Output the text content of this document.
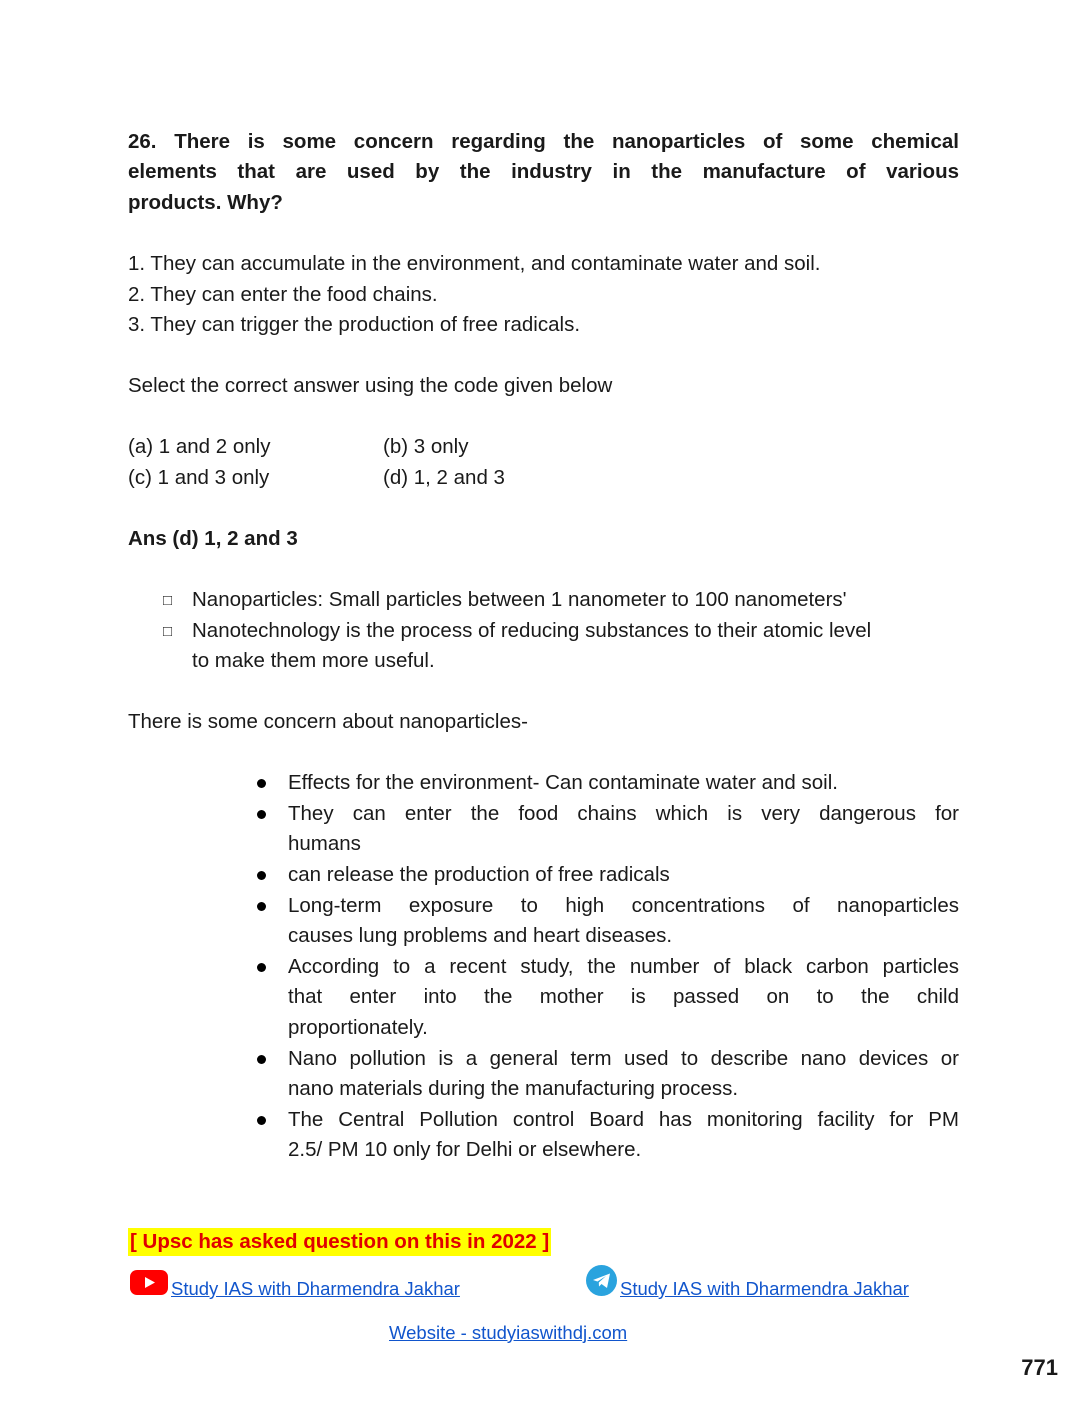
26. There is some concern regarding the nanoparticles of some chemical
elements that are used by the industry in the manufacture of various
products. Why?
1. They can accumulate in the environment, and contaminate water and soil.
2. They can enter the food chains.
3. They can trigger the production of free radicals.
Select the correct answer using the code given below
(a) 1 and 2 only	(b) 3 only
(c) 1 and 3 only	(d) 1, 2 and 3
Ans (d) 1, 2 and 3
□ Nanoparticles: Small particles between 1 nanometer to 100 nanometers'
□ Nanotechnology is the process of reducing substances to their atomic level
to make them more useful.
There is some concern about nanoparticles-
Effects for the environment- Can contaminate water and soil.
They can enter the food chains which is very dangerous for
humans
can release the production of free radicals
Long-term exposure to high concentrations of nanoparticles
causes lung problems and heart diseases.
According to a recent study, the number of black carbon particles
that enter into the mother is passed on to the child
proportionately.
Nano pollution is a general term used to describe nano devices or
nano materials during the manufacturing process.
The Central Pollution control Board has monitoring facility for PM
2.5/ PM 10 only for Delhi or elsewhere.
[ Upsc has asked question on this in 2022 ]
Study IAS with Dharmendra Jakhar	Study IAS with Dharmendra Jakhar
Website - studyiaswithdj.com
771
